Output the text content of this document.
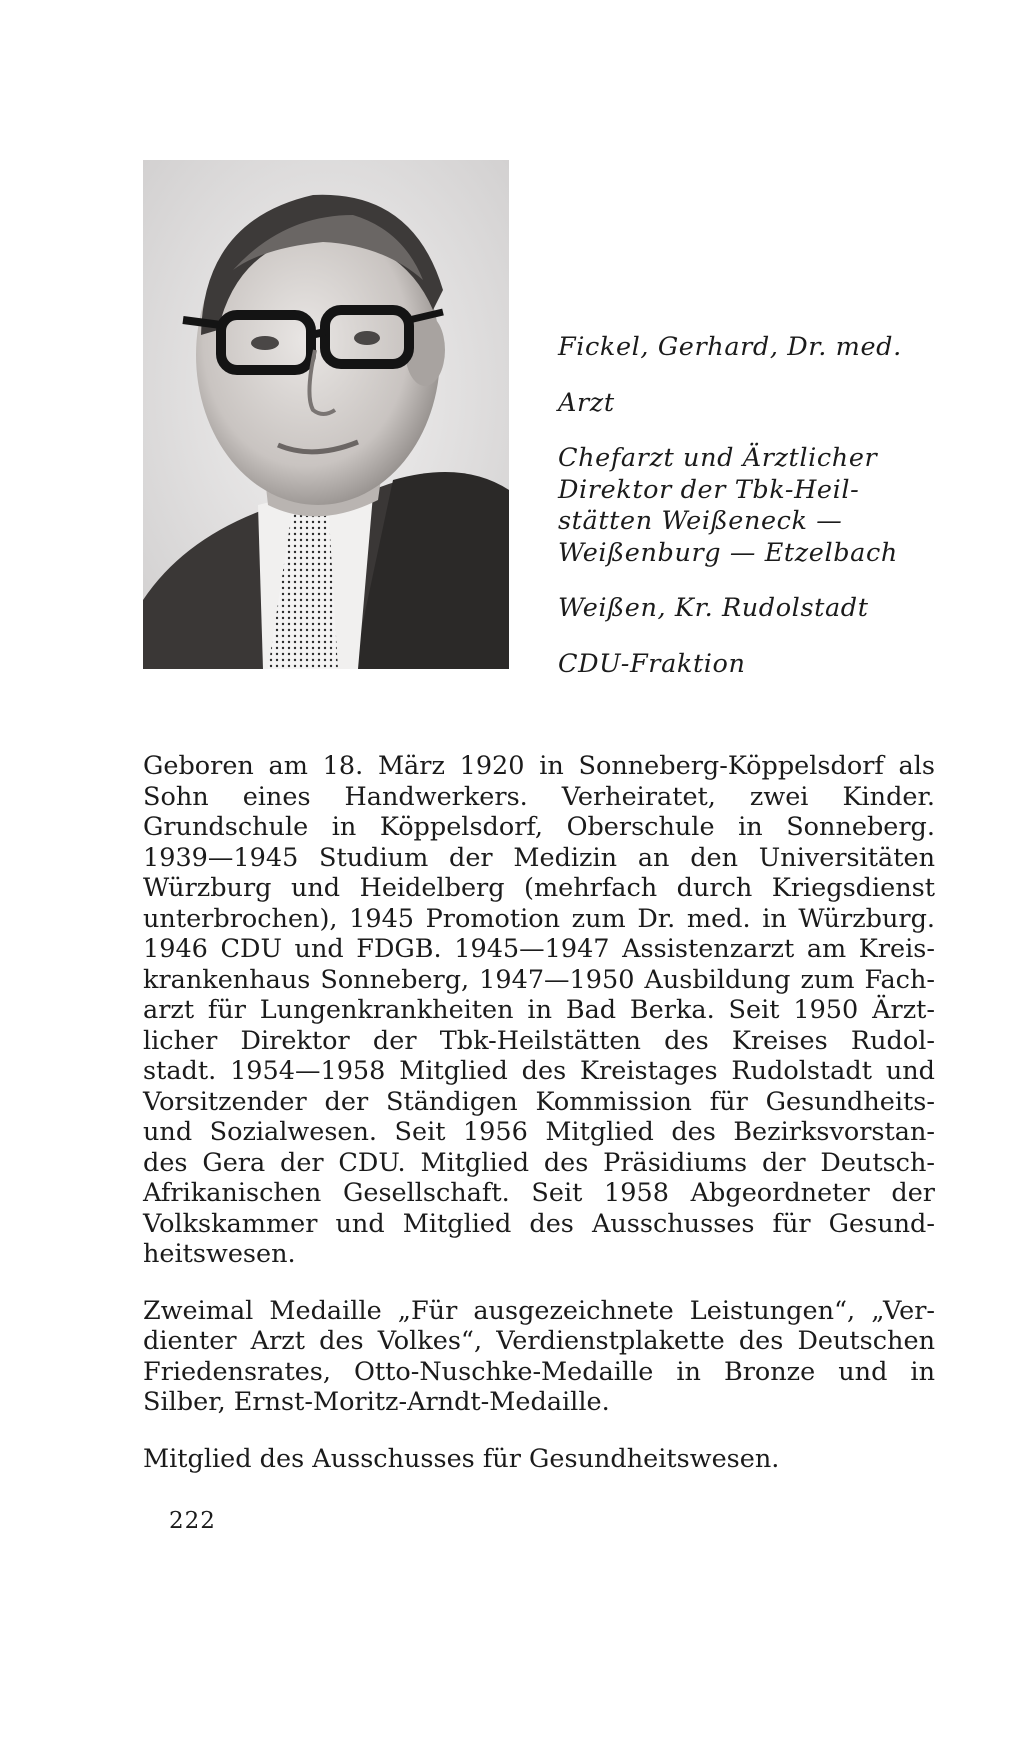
Fickel, Gerhard, Dr. med.
Arzt
Chefarzt und Ärztlicher
Direktor der Tbk-Heil-
stätten Weißeneck —
Weißenburg — Etzelbach
Weißen, Kr. Rudolstadt
CDU-Fraktion
Geboren am 18. März 1920 in Sonneberg-Köppelsdorf als
Sohn eines Handwerkers. Verheiratet, zwei Kinder.
Grundschule in Köppelsdorf, Oberschule in Sonneberg.
1939—1945 Studium der Medizin an den Universitäten
Würzburg und Heidelberg (mehrfach durch Kriegsdienst
unterbrochen), 1945 Promotion zum Dr. med. in Würzburg.
1946 CDU und FDGB. 1945—1947 Assistenzarzt am Kreis-
krankenhaus Sonneberg, 1947—1950 Ausbildung zum Fach-
arzt für Lungenkrankheiten in Bad Berka. Seit 1950 Ärzt-
licher Direktor der Tbk-Heilstätten des Kreises Rudol-
stadt. 1954—1958 Mitglied des Kreistages Rudolstadt und
Vorsitzender der Ständigen Kommission für Gesundheits-
und Sozialwesen. Seit 1956 Mitglied des Bezirksvorstan-
des Gera der CDU. Mitglied des Präsidiums der Deutsch-
Afrikanischen Gesellschaft. Seit 1958 Abgeordneter der
Volkskammer und Mitglied des Ausschusses für Gesund-
heitswesen.
Zweimal Medaille „Für ausgezeichnete Leistungen“, „Ver-
dienter Arzt des Volkes“, Verdienstplakette des Deutschen
Friedensrates, Otto-Nuschke-Medaille in Bronze und in
Silber, Ernst-Moritz-Arndt-Medaille.
Mitglied des Ausschusses für Gesundheitswesen.
222
